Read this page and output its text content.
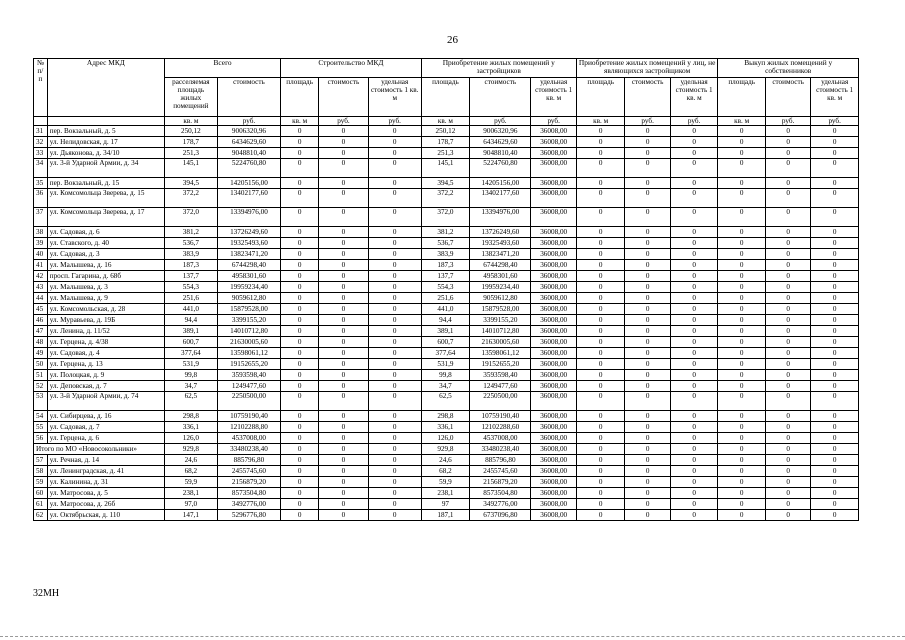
26
№ п/п	Адрес МКД	Всего		Строительство МКД			Приобретение жилых помещений у застройщиков			Приобретение жилых помещений у лиц, не являющихся застройщиком			Выкуп жилых помещений у собственников		
		расселяемая площадь жилых помещений	стоимость	площадь	стоимость	удельная стоимость 1 кв. м	площадь	стоимость	удельная стоимость 1 кв. м	площадь	стоимость	удельная стоимость 1 кв. м	площадь	стоимость	удельная стоимость 1 кв. м
		кв. м	руб.	кв. м	руб.	руб.	кв. м	руб.	руб.	кв. м	руб.	руб.	кв. м	руб.	руб.
31	пер. Вокзальный, д. 5	250,12	9006320,96	0	0	0	250,12	9006320,96	36008,00	0	0	0	0	0	0
32	ул. Нелидовская, д. 17	178,7	6434629,60	0	0	0	178,7	6434629,60	36008,00	0	0	0	0	0	0
33	ул. Дьяконова, д. 34/10	251,3	9048810,40	0	0	0	251,3	9048810,40	36008,00	0	0	0	0	0	0
34	ул. 3-й Ударной Армии, д. 34	145,1	5224760,80	0	0	0	145,1	5224760,80	36008,00	0	0	0	0	0	0
35	пер. Вокзальный, д. 15	394,5	14205156,00	0	0	0	394,5	14205156,00	36008,00	0	0	0	0	0	0
36	ул. Комсомольца Зверева, д. 15	372,2	13402177,60	0	0	0	372,2	13402177,60	36008,00	0	0	0	0	0	0
37	ул. Комсомольца Зверева, д. 17	372,0	13394976,00	0	0	0	372,0	13394976,00	36008,00	0	0	0	0	0	0
38	ул. Садовая, д. 6	381,2	13726249,60	0	0	0	381,2	13726249,60	36008,00	0	0	0	0	0	0
39	ул. Ставского, д. 40	536,7	19325493,60	0	0	0	536,7	19325493,60	36008,00	0	0	0	0	0	0
40	ул. Садовая, д. 3	383,9	13823471,20	0	0	0	383,9	13823471,20	36008,00	0	0	0	0	0	0
41	ул. Малышева, д. 16	187,3	6744298,40	0	0	0	187,3	6744298,40	36008,00	0	0	0	0	0	0
42	просп. Гагарина, д. 68б	137,7	4958301,60	0	0	0	137,7	4958301,60	36008,00	0	0	0	0	0	0
43	ул. Малышева, д. 3	554,3	19959234,40	0	0	0	554,3	19959234,40	36008,00	0	0	0	0	0	0
44	ул. Малышева, д. 9	251,6	9059612,80	0	0	0	251,6	9059612,80	36008,00	0	0	0	0	0	0
45	ул. Комсомольская, д. 28	441,0	15879528,00	0	0	0	441,0	15879528,00	36008,00	0	0	0	0	0	0
46	ул. Муравьева, д. 19Б	94,4	3399155,20	0	0	0	94,4	3399155,20	36008,00	0	0	0	0	0	0
47	ул. Ленина, д. 11/52	389,1	14010712,80	0	0	0	389,1	14010712,80	36008,00	0	0	0	0	0	0
48	ул. Герцена, д. 4/38	600,7	21630005,60	0	0	0	600,7	21630005,60	36008,00	0	0	0	0	0	0
49	ул. Садовая, д. 4	377,64	13598061,12	0	0	0	377,64	13598061,12	36008,00	0	0	0	0	0	0
50	ул. Герцена, д. 13	531,9	19152655,20	0	0	0	531,9	19152655,20	36008,00	0	0	0	0	0	0
51	ул. Полоцкая, д. 9	99,8	3593598,40	0	0	0	99,8	3593598,40	36008,00	0	0	0	0	0	0
52	ул. Деповская, д. 7	34,7	1249477,60	0	0	0	34,7	1249477,60	36008,00	0	0	0	0	0	0
53	ул. 3-й Ударной Армии, д. 74	62,5	2250500,00	0	0	0	62,5	2250500,00	36008,00	0	0	0	0	0	0
54	ул. Сибирцева, д. 16	298,8	10759190,40	0	0	0	298,8	10759190,40	36008,00	0	0	0	0	0	0
55	ул. Садовая, д. 7	336,1	12102288,80	0	0	0	336,1	12102288,60	36008,00	0	0	0	0	0	0
56	ул. Герцена, д. 6	126,0	4537008,00	0	0	0	126,0	4537008,00	36008,00	0	0	0	0	0	0
Итого по МО «Новосокольники»		929,8	33480238,40	0	0	0	929,8	33480238,40	36008,00	0	0	0	0	0	0
57	ул. Речная, д. 14	24,6	885796,80	0	0	0	24,6	885796,80	36008,00	0	0	0	0	0	0
58	ул. Ленинградская, д. 41	68,2	2455745,60	0	0	0	68,2	2455745,60	36008,00	0	0	0	0	0	0
59	ул. Калинина, д. 31	59,9	2156879,20	0	0	0	59,9	2156879,20	36008,00	0	0	0	0	0	0
60	ул. Матросова, д. 5	238,1	8573504,80	0	0	0	238,1	8573504,80	36008,00	0	0	0	0	0	0
61	ул. Матросова, д. 26б	97,0	3492776,00	0	0	0	97	3492776,00	36008,00	0	0	0	0	0	0
62	ул. Октябрьская, д. 110	147,1	5296776,80	0	0	0	187,1	6737096,80	36008,00	0	0	0	0	0	0
32МН
